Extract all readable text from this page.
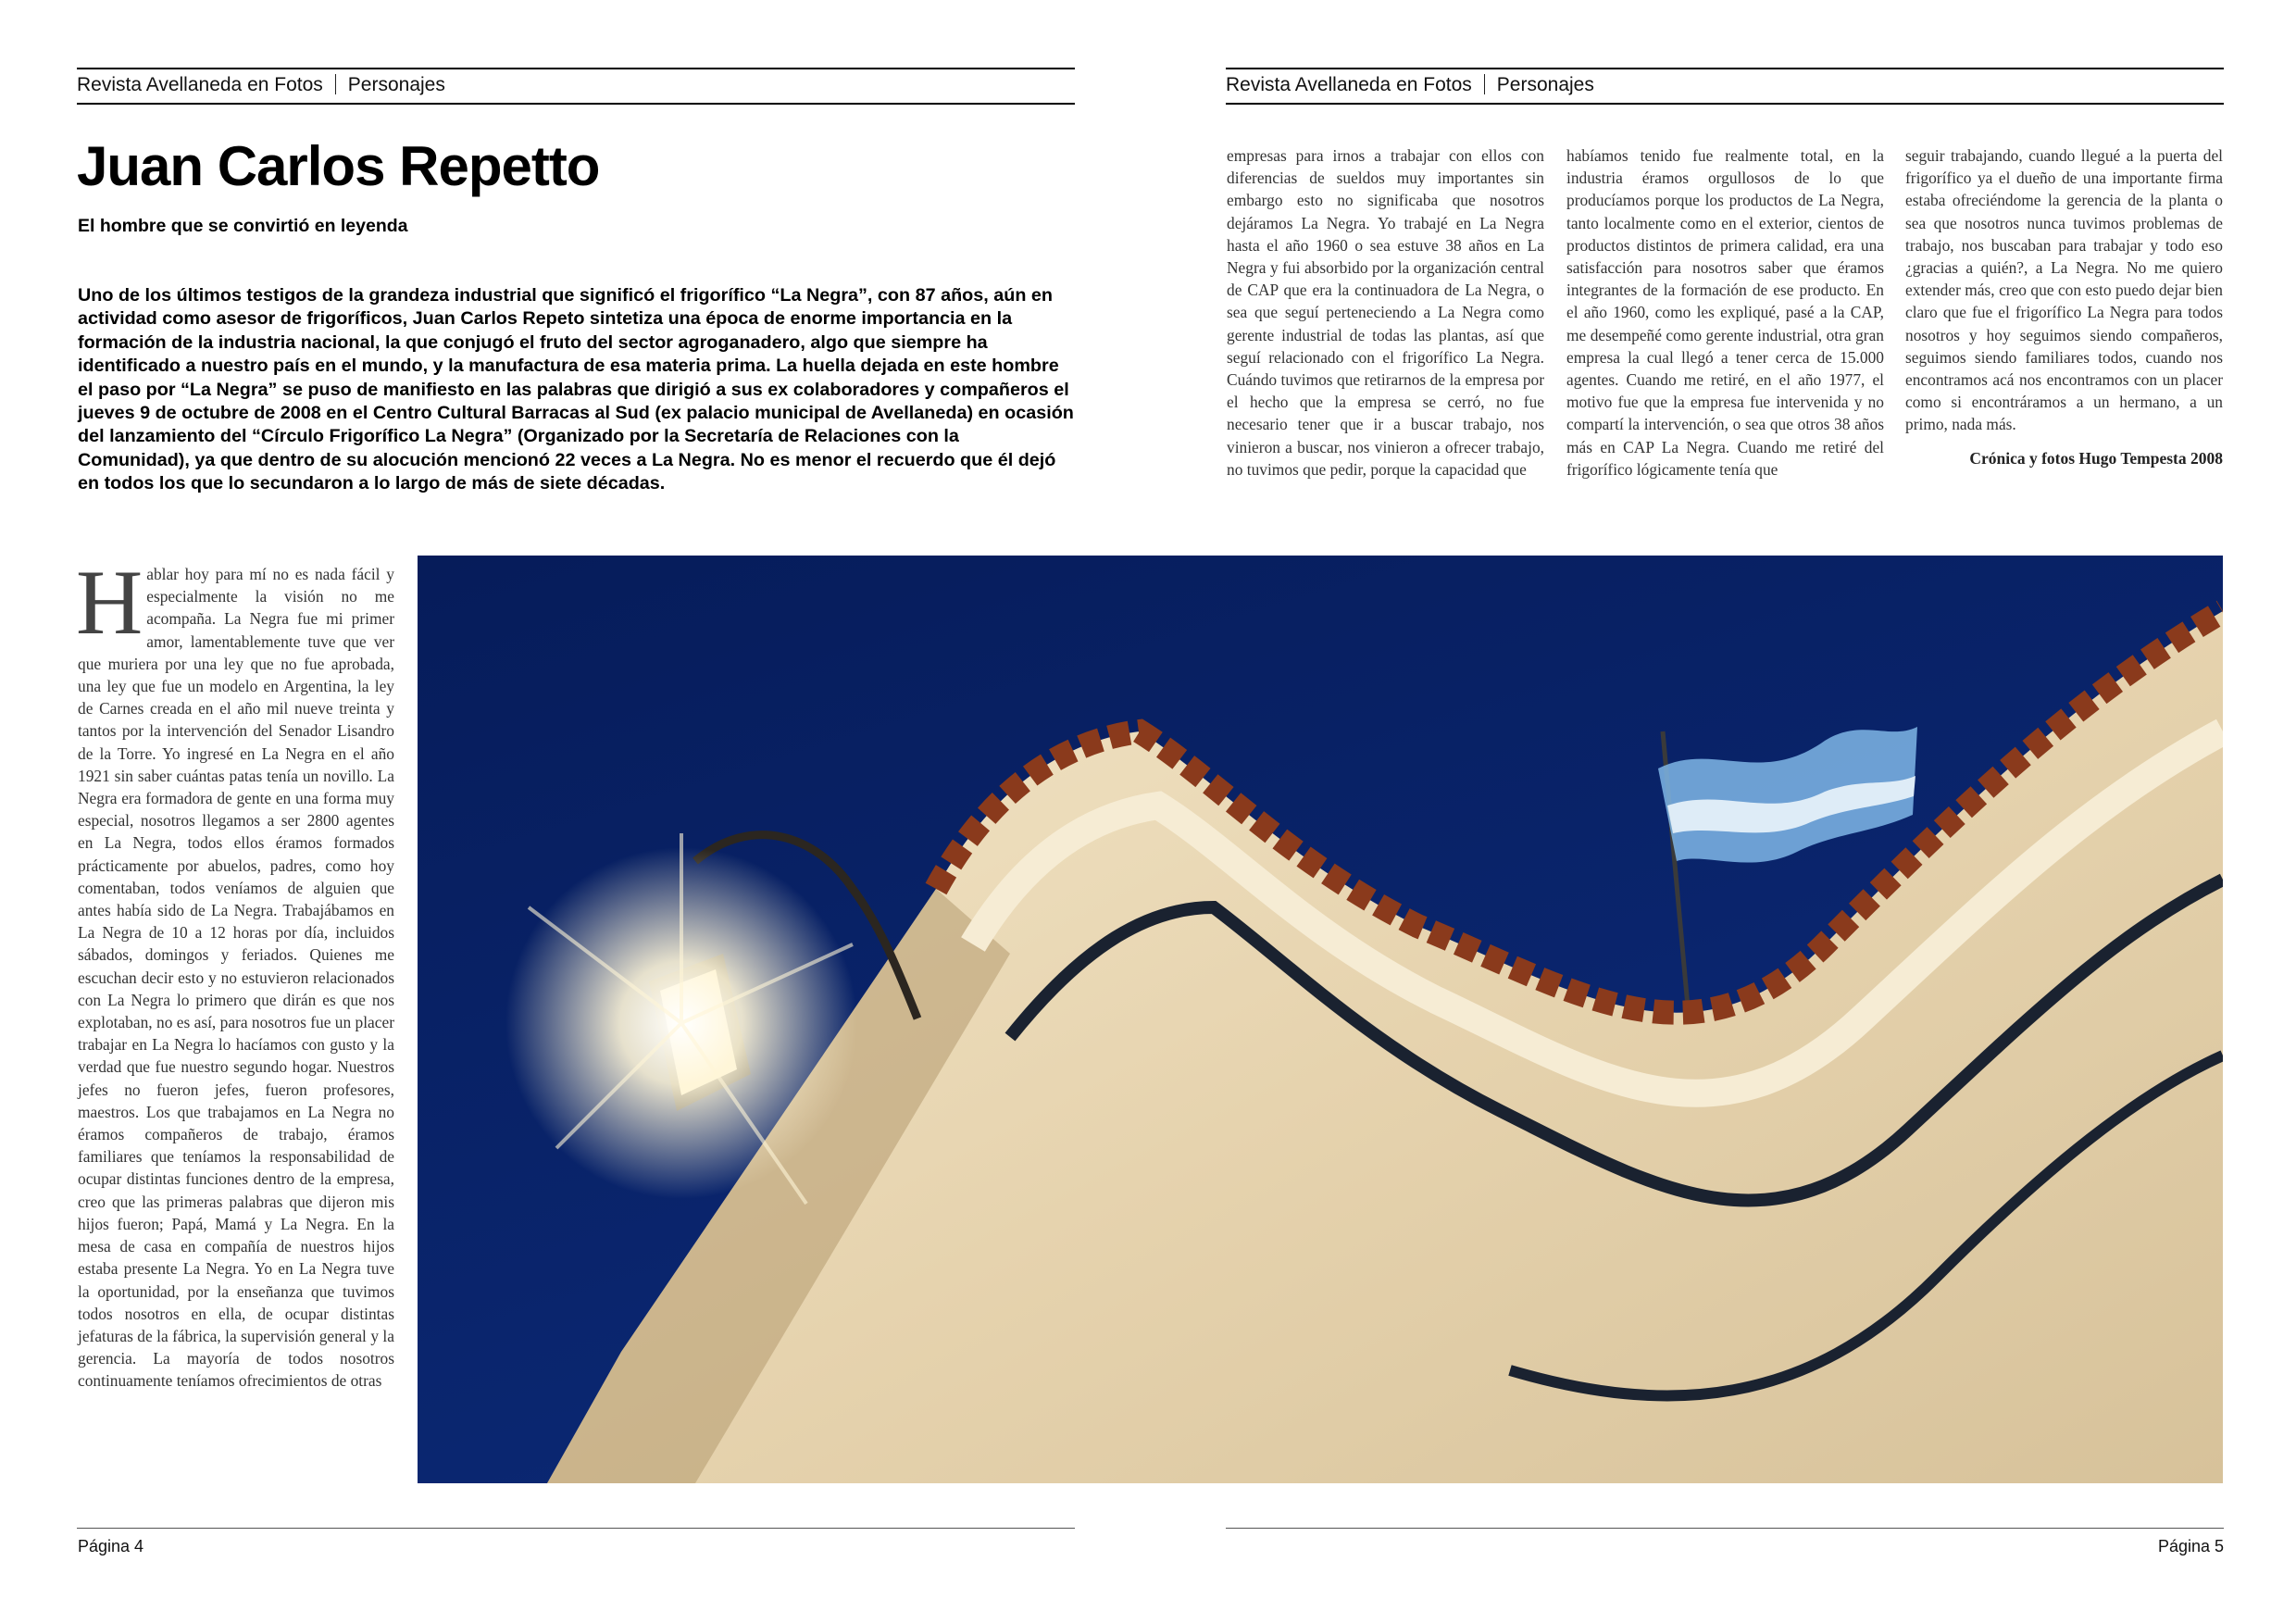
Revista Avellaneda en Fotos Personajes
Juan Carlos Repetto
El hombre que se convirtió en leyenda
Uno de los últimos testigos de la grandeza industrial que significó el frigorífico “La Negra”, con 87 años, aún en actividad como asesor de frigoríficos, Juan Carlos Repeto sintetiza una época de enorme importancia en la formación de la industria nacional, la que conjugó el fruto del sector agroganadero, algo que siempre ha identificado a nuestro país en el mundo, y la manufactura de esa materia prima. La huella dejada en este hombre el paso por “La Negra” se puso de manifiesto en las palabras que dirigió a sus ex colaboradores y compañeros el jueves 9 de octubre de 2008 en el Centro Cultural Barracas al Sud (ex palacio municipal de Avellaneda) en ocasión del lanzamiento del “Círculo Frigorífico La Negra” (Organizado por la Secretaría de Relaciones con la Comunidad), ya que dentro de su alocución mencionó 22 veces a La Negra. No es menor el recuerdo que él dejó en todos los que lo secundaron a lo largo de más de siete décadas.

Hablar hoy para mí no es nada fácil y especialmente la visión no me acompaña. La Negra fue mi primer amor, lamentablemente tuve que ver que muriera por una ley que no fue aprobada, una ley que fue un modelo en Argentina, la ley de Carnes creada en el año mil nueve treinta y tantos por la intervención del Senador Lisandro de la Torre. Yo ingresé en La Negra en el año 1921 sin saber cuántas patas tenía un novillo. La Negra era formadora de gente en una forma muy especial, nosotros llegamos a ser 2800 agentes en La Negra, todos ellos éramos formados prácticamente por abuelos, padres, como hoy comentaban, todos veníamos de alguien que antes había sido de La Negra. Trabajábamos en La Negra de 10 a 12 horas por día, incluidos sábados, domingos y feriados. Quienes me escuchan decir esto y no estuvieron relacionados con La Negra lo primero que dirán es que nos explotaban, no es así, para nosotros fue un placer trabajar en La Negra lo hacíamos con gusto y la verdad que fue nuestro segundo hogar. Nuestros jefes no fueron jefes, fueron profesores, maestros. Los que trabajamos en La Negra no éramos compañeros de trabajo, éramos familiares que teníamos la responsabilidad de ocupar distintas funciones dentro de la empresa, creo que las primeras palabras que dijeron mis hijos fueron; Papá, Mamá y La Negra. En la mesa de casa en compañía de nuestros hijos estaba presente La Negra. Yo en La Negra tuve la oportunidad, por la enseñanza que tuvimos todos nosotros en ella, de ocupar distintas jefaturas de la fábrica, la supervisión general y la gerencia. La mayoría de todos nosotros continuamente teníamos ofrecimientos de otras

Página 4
Revista Avellaneda en Fotos Personajes

empresas para irnos a trabajar con ellos con diferencias de sueldos muy importantes sin embargo esto no significaba que nosotros dejáramos La Negra. Yo trabajé en La Negra hasta el año 1960 o sea estuve 38 años en La Negra y fui absorbido por la organización central de CAP que era la continuadora de La Negra, o sea que seguí perteneciendo a La Negra como gerente industrial de todas las plantas, así que seguí relacionado con el frigorífico La Negra. Cuándo tuvimos que retirarnos de la empresa por el hecho que la empresa se cerró, no fue necesario tener que ir a buscar trabajo, nos vinieron a buscar, nos vinieron a ofrecer trabajo, no tuvimos que pedir, porque la capacidad que

habíamos tenido fue realmente total, en la industria éramos orgullosos de lo que producíamos porque los productos de La Negra, tanto localmente como en el exterior, cientos de productos distintos de primera calidad, era una satisfacción para nosotros saber que éramos integrantes de la formación de ese producto. En el año 1960, como les expliqué, pasé a la CAP, me desempeñé como gerente industrial, otra gran empresa la cual llegó a tener cerca de 15.000 agentes. Cuando me retiré, en el año 1977, el motivo fue que la empresa fue intervenida y no compartí la intervención, o sea que otros 38 años más en CAP La Negra. Cuando me retiré del frigorífico lógicamente tenía que

seguir trabajando, cuando llegué a la puerta del frigorífico ya el dueño de una importante firma estaba ofreciéndome la gerencia de la planta o sea que nosotros nunca tuvimos problemas de trabajo, nos buscaban para trabajar y todo eso ¿gracias a quién?, a La Negra. No me quiero extender más, creo que con esto puedo dejar bien claro que fue el frigorífico La Negra para todos nosotros y hoy seguimos siendo compañeros, seguimos siendo familiares todos, cuando nos encontramos acá nos encontramos con un placer como si encontráramos a un hermano, a un primo, nada más.

Crónica y fotos Hugo Tempesta 2008

Página 5
